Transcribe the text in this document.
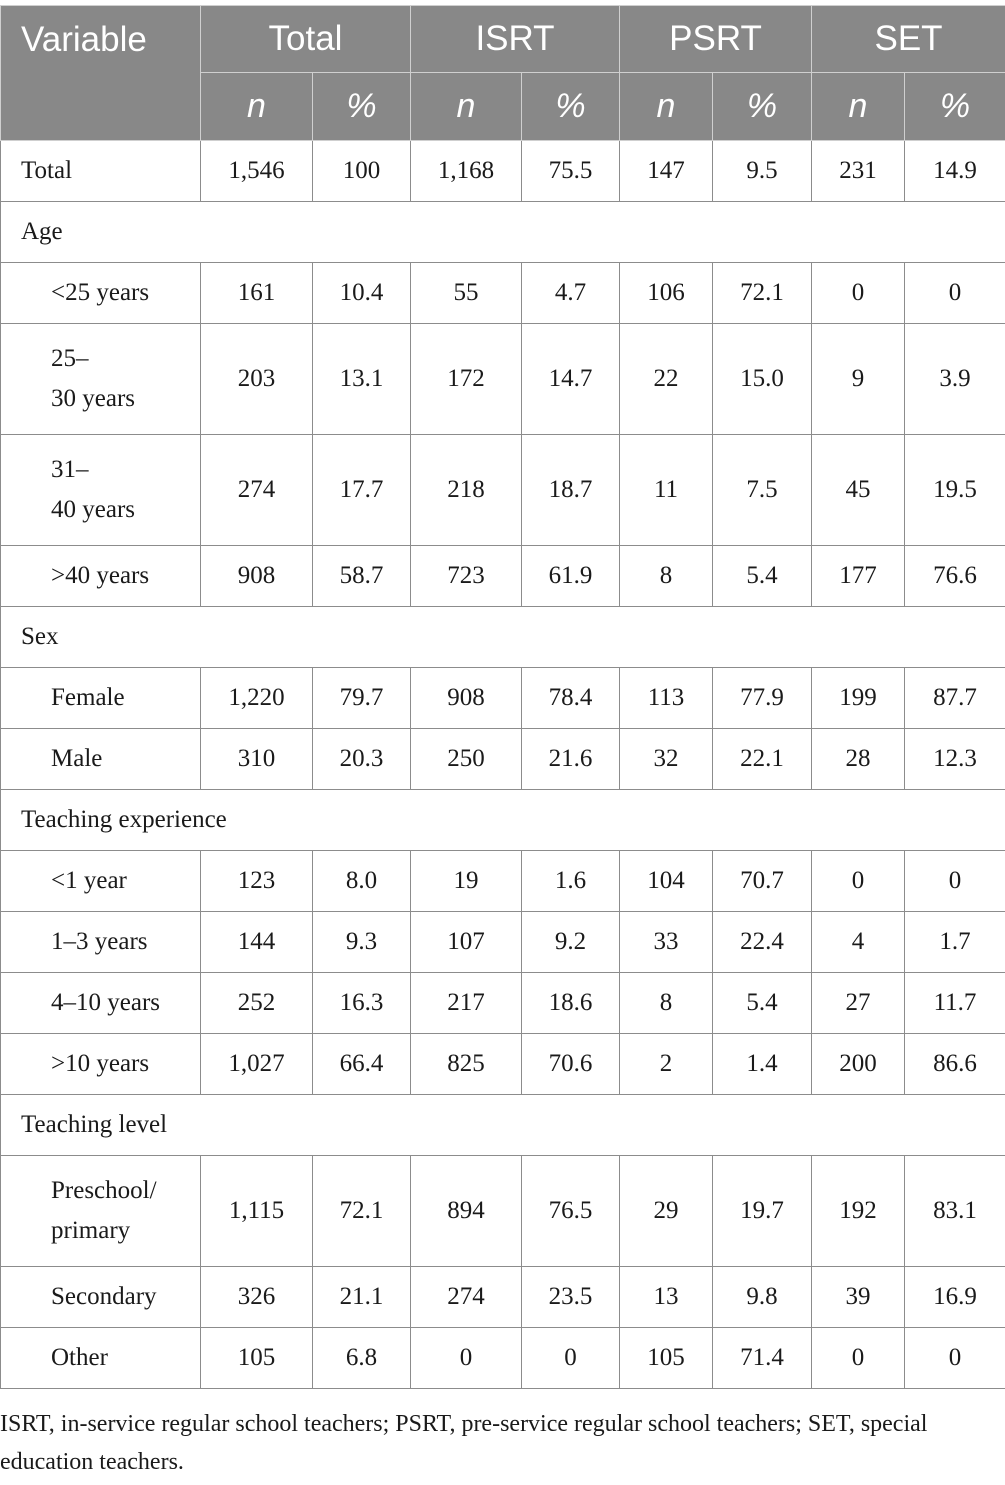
Variable	Total		ISRT		PSRT		SET	
	n	%	n	%	n	%	n	%
Total	1,546	100	1,168	75.5	147	9.5	231	14.9
Age								
<25 years	161	10.4	55	4.7	106	72.1	0	0

25–
30 years	203	13.1	172	14.7	22	15.0	9	3.9

31–
40 years	274	17.7	218	18.7	11	7.5	45	19.5
>40 years	908	58.7	723	61.9	8	5.4	177	76.6
Sex								
Female	1,220	79.7	908	78.4	113	77.9	199	87.7
Male	310	20.3	250	21.6	32	22.1	28	12.3
Teaching experience								
<1 year	123	8.0	19	1.6	104	70.7	0	0
1–3 years	144	9.3	107	9.2	33	22.4	4	1.7
4–10 years	252	16.3	217	18.6	8	5.4	27	11.7
>10 years	1,027	66.4	825	70.6	2	1.4	200	86.6
Teaching level								

Preschool/
primary	1,115	72.1	894	76.5	29	19.7	192	83.1
Secondary	326	21.1	274	23.5	13	9.8	39	16.9
Other	105	6.8	0	0	105	71.4	0	0
ISRT, in-service regular school teachers; PSRT, pre-service regular school teachers; SET, special education teachers.
